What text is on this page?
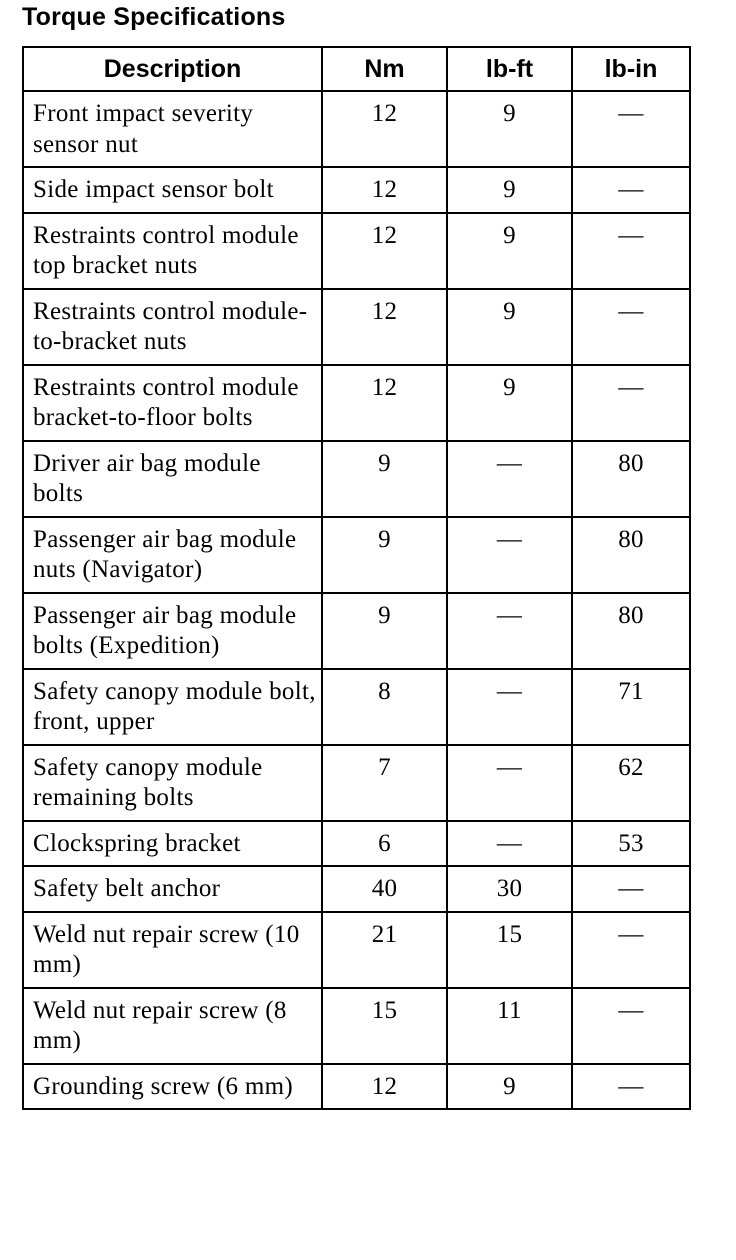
Torque Specifications
Description	Nm	lb-ft	lb-in
Front impact severity sensor nut	12	9	—
Side impact sensor bolt	12	9	—
Restraints control module top bracket nuts	12	9	—
Restraints control module-to-bracket nuts	12	9	—
Restraints control module bracket-to-floor bolts	12	9	—
Driver air bag module bolts	9	—	80
Passenger air bag module nuts (Navigator)	9	—	80
Passenger air bag module bolts (Expedition)	9	—	80
Safety canopy module bolt, front, upper	8	—	71
Safety canopy module remaining bolts	7	—	62
Clockspring bracket	6	—	53
Safety belt anchor	40	30	—
Weld nut repair screw (10 mm)	21	15	—
Weld nut repair screw (8 mm)	15	11	—
Grounding screw (6 mm)	12	9	—
